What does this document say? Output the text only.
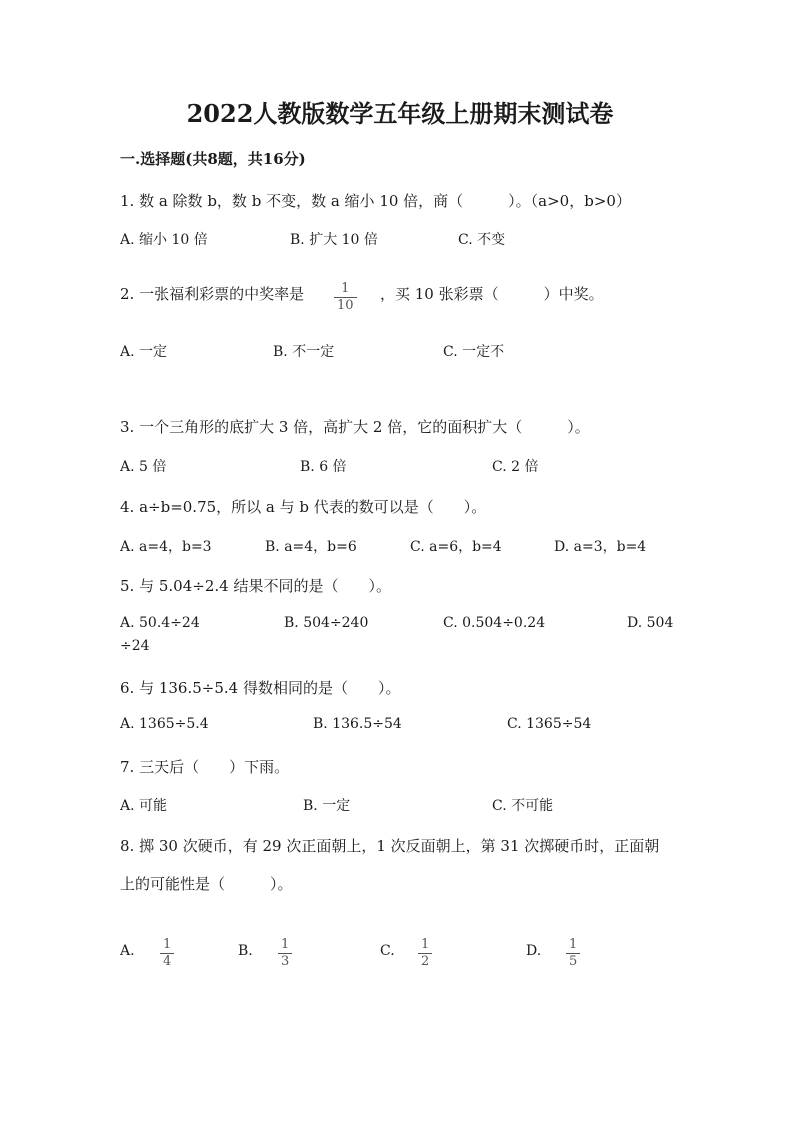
2022人教版数学五年级上册期末测试卷
一.选择题(共8题，共16分)
1. 数 a 除数 b，数 b 不变，数 a 缩小 10 倍，商（　　　）。（a>0，b>0）
A. 缩小 10 倍	B. 扩大 10 倍	C. 不变
2. 一张福利彩票的中奖率是 $\frac{1}{10}$ ，买 10 张彩票（　　　）中奖。
A. 一定	B. 不一定	C. 一定不
3. 一个三角形的底扩大 3 倍，高扩大 2 倍，它的面积扩大（　　　）。
A. 5 倍	B. 6 倍	C. 2 倍
4. a÷b=0.75，所以 a 与 b 代表的数可以是（　　）。
A. a=4，b=3	B. a=4，b=6	C. a=6，b=4	D. a=3，b=4
5. 与 5.04÷2.4 结果不同的是（　　）。
A. 50.4÷24	B. 504÷240	C. 0.504÷0.24	D. 504
÷24
6. 与 136.5÷5.4 得数相同的是（　　）。
A. 1365÷5.4	B. 136.5÷54	C. 1365÷54
7. 三天后（　　）下雨。
A. 可能	B. 一定	C. 不可能
8. 掷 30 次硬币，有 29 次正面朝上，1 次反面朝上，第 31 次掷硬币时，正面朝
上的可能性是（　　　）。
A. $\frac{1}{4}$	B. $\frac{1}{3}$	C. $\frac{1}{2}$	D. $\frac{1}{5}$
